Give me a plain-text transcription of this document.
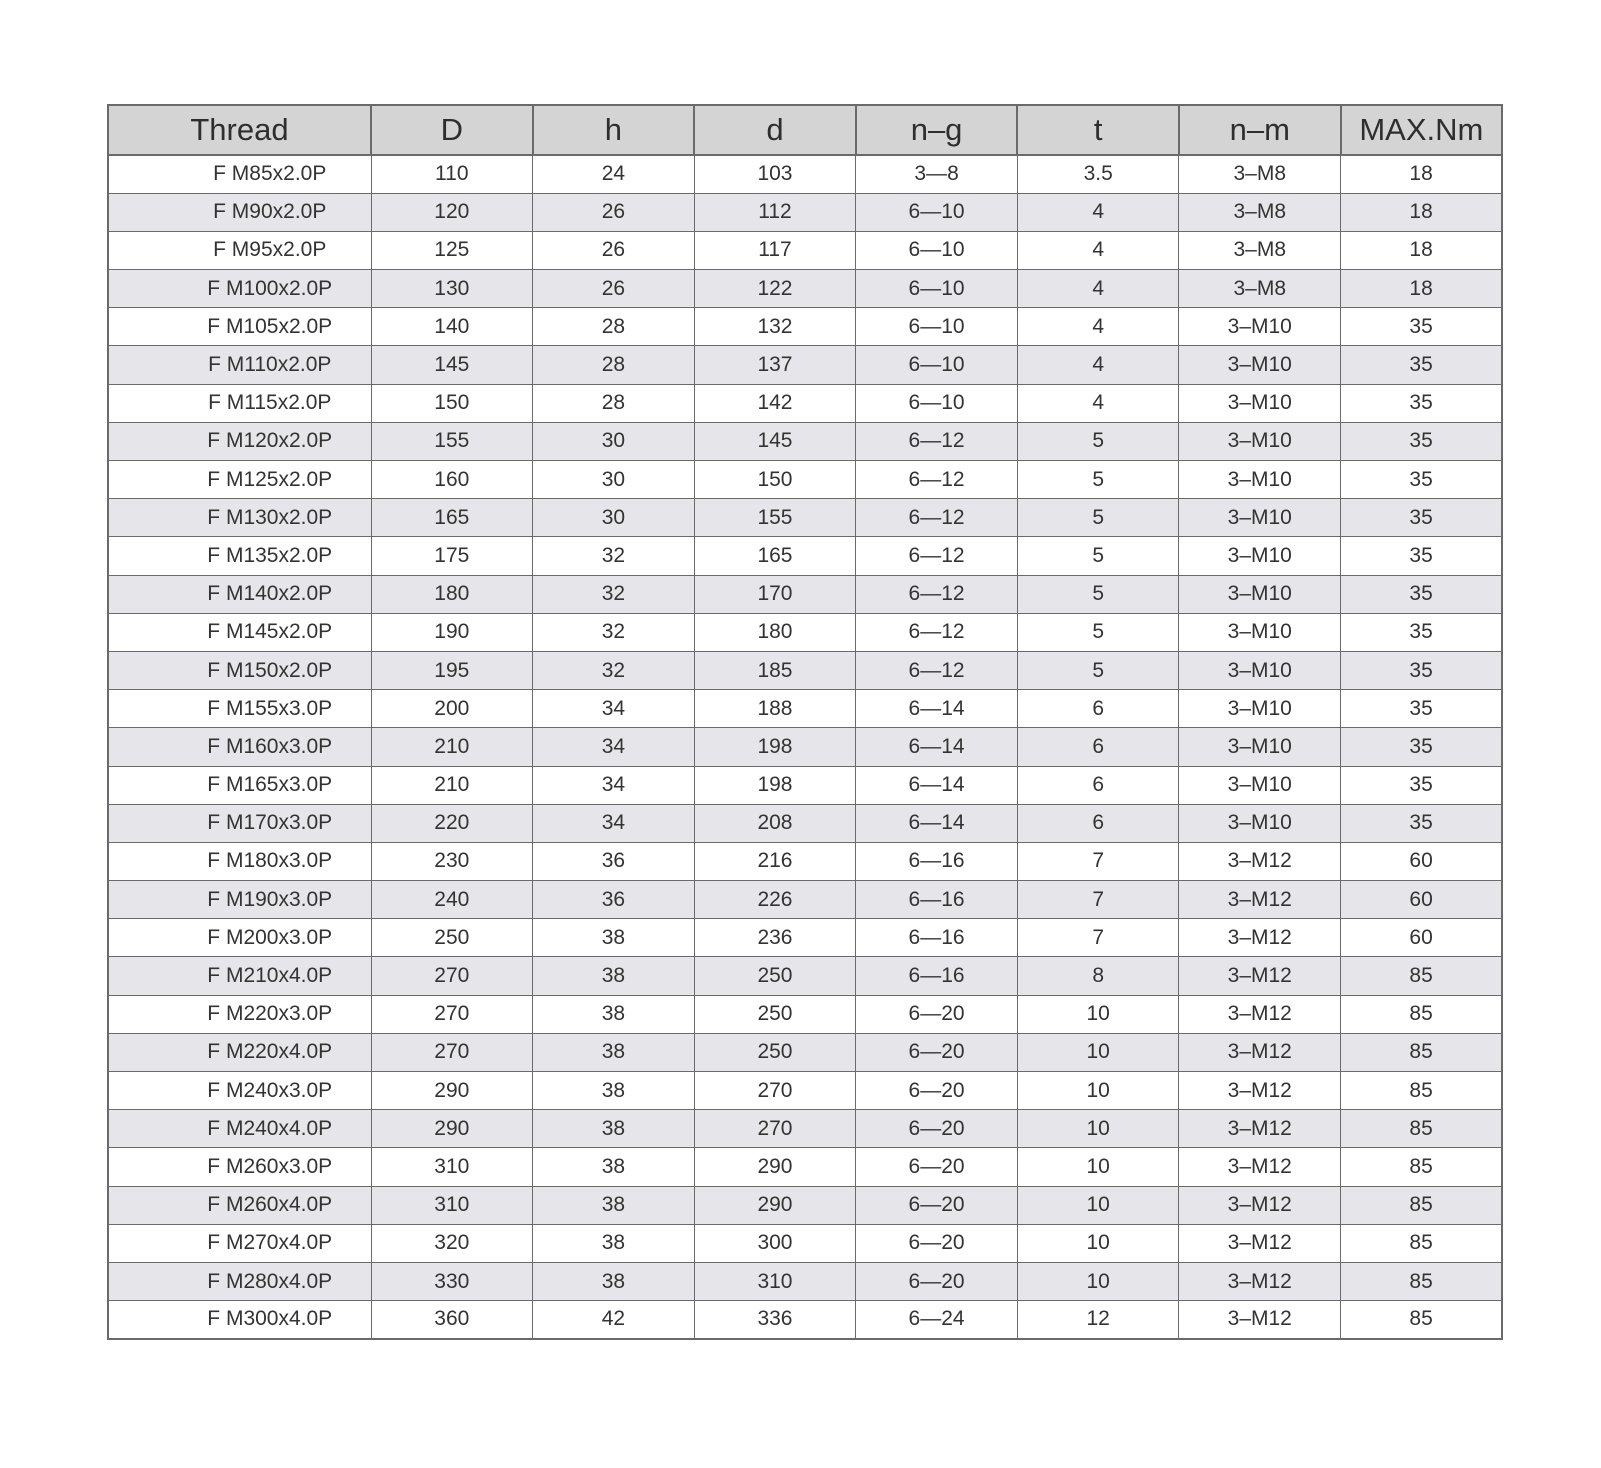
Thread	D	h	d	n–g	t	n–m	MAX.Nm
F M85x2.0P	110	24	103	3—8	3.5	3–M8	18
F M90x2.0P	120	26	112	6—10	4	3–M8	18
F M95x2.0P	125	26	117	6—10	4	3–M8	18
F M100x2.0P	130	26	122	6—10	4	3–M8	18
F M105x2.0P	140	28	132	6—10	4	3–M10	35
F M110x2.0P	145	28	137	6—10	4	3–M10	35
F M115x2.0P	150	28	142	6—10	4	3–M10	35
F M120x2.0P	155	30	145	6—12	5	3–M10	35
F M125x2.0P	160	30	150	6—12	5	3–M10	35
F M130x2.0P	165	30	155	6—12	5	3–M10	35
F M135x2.0P	175	32	165	6—12	5	3–M10	35
F M140x2.0P	180	32	170	6—12	5	3–M10	35
F M145x2.0P	190	32	180	6—12	5	3–M10	35
F M150x2.0P	195	32	185	6—12	5	3–M10	35
F M155x3.0P	200	34	188	6—14	6	3–M10	35
F M160x3.0P	210	34	198	6—14	6	3–M10	35
F M165x3.0P	210	34	198	6—14	6	3–M10	35
F M170x3.0P	220	34	208	6—14	6	3–M10	35
F M180x3.0P	230	36	216	6—16	7	3–M12	60
F M190x3.0P	240	36	226	6—16	7	3–M12	60
F M200x3.0P	250	38	236	6—16	7	3–M12	60
F M210x4.0P	270	38	250	6—16	8	3–M12	85
F M220x3.0P	270	38	250	6—20	10	3–M12	85
F M220x4.0P	270	38	250	6—20	10	3–M12	85
F M240x3.0P	290	38	270	6—20	10	3–M12	85
F M240x4.0P	290	38	270	6—20	10	3–M12	85
F M260x3.0P	310	38	290	6—20	10	3–M12	85
F M260x4.0P	310	38	290	6—20	10	3–M12	85
F M270x4.0P	320	38	300	6—20	10	3–M12	85
F M280x4.0P	330	38	310	6—20	10	3–M12	85
F M300x4.0P	360	42	336	6—24	12	3–M12	85
